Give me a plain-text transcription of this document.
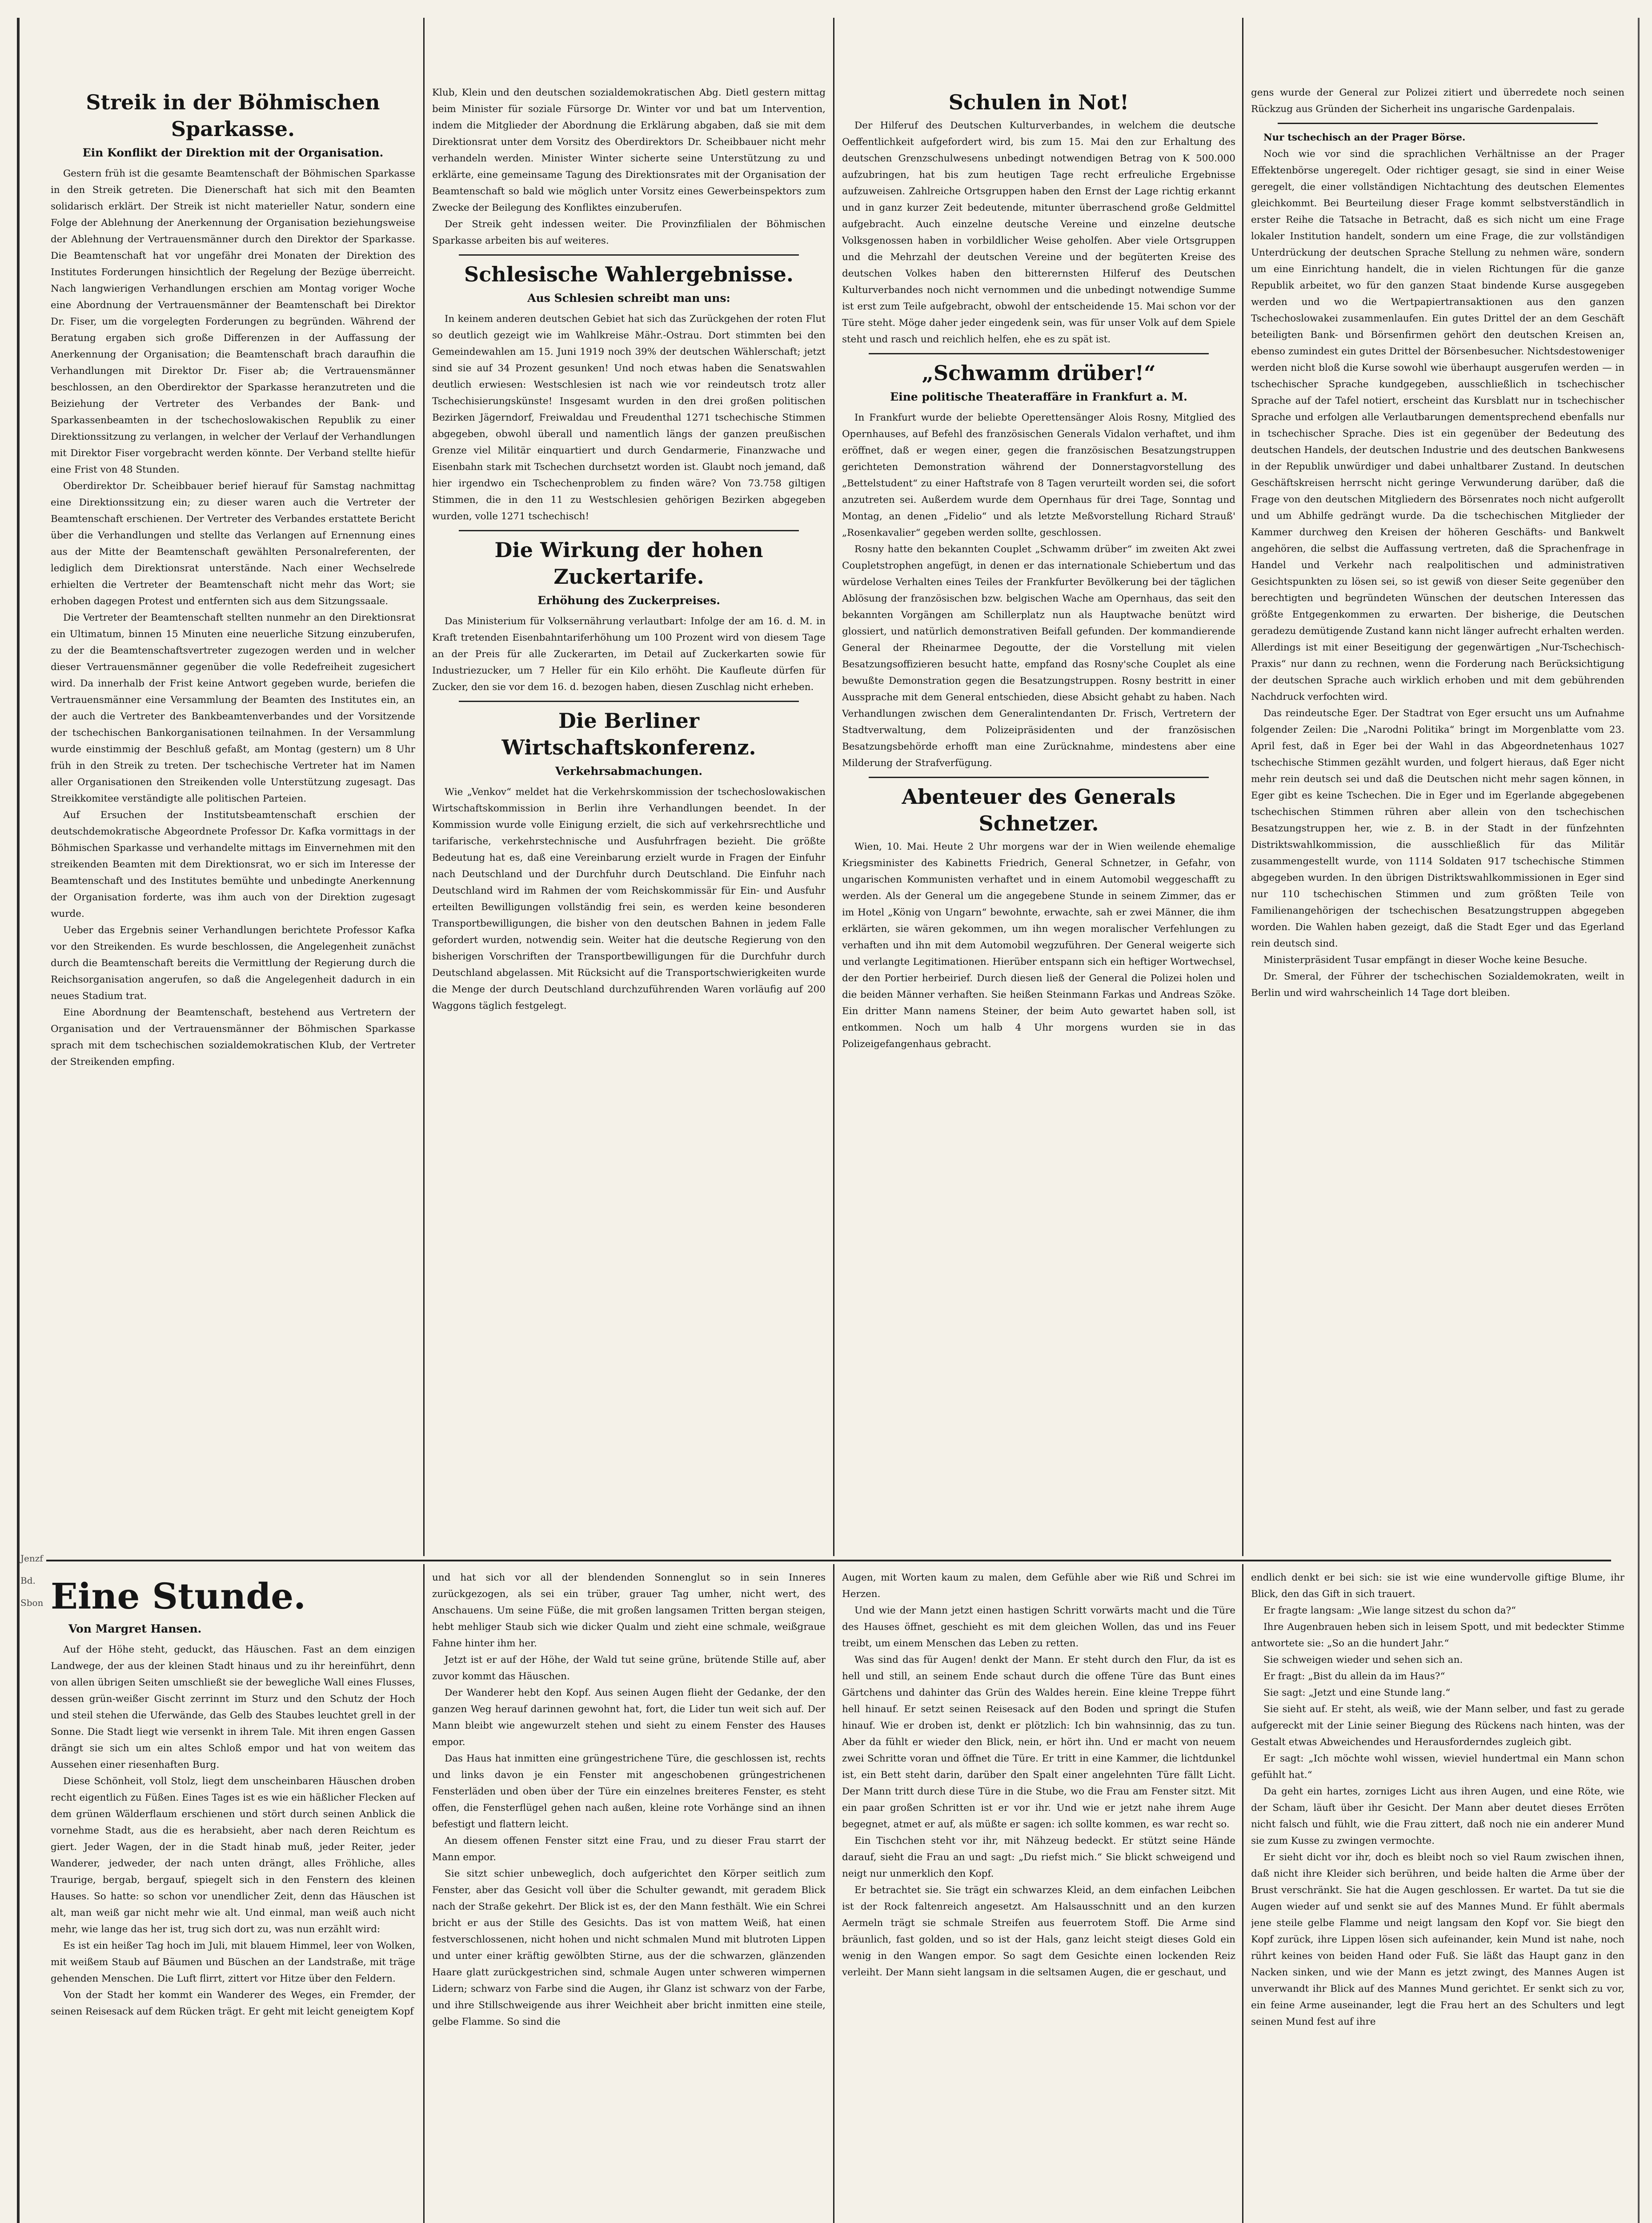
Streik in der Böhmischen Sparkasse.
Ein Konflikt der Direktion mit der Organisation.

Gestern früh ist die gesamte Beamtenschaft der Böhmischen Sparkasse in den Streik getreten. Die Dienerschaft hat sich mit den Beamten solidarisch erklärt. Der Streik ist nicht materieller Natur, sondern eine Folge der Ablehnung der Anerkennung der Organisation beziehungsweise der Ablehnung der Vertrauensmänner durch den Direktor der Sparkasse. Die Beamtenschaft hat vor ungefähr drei Monaten der Direktion des Institutes Forderungen hinsichtlich der Regelung der Bezüge überreicht. Nach langwierigen Verhandlungen erschien am Montag voriger Woche eine Abordnung der Vertrauensmänner der Beamtenschaft bei Direktor Dr. Fiser, um die vorgelegten Forderungen zu begründen. Während der Beratung ergaben sich große Differenzen in der Auffassung der Anerkennung der Organisation; die Beamtenschaft brach daraufhin die Verhandlungen mit Direktor Dr. Fiser ab; die Vertrauensmänner beschlossen, an den Oberdirektor der Sparkasse heranzutreten und die Beiziehung der Vertreter des Verbandes der Bank- und Sparkassenbeamten in der tschechoslowakischen Republik zu einer Direktionssitzung zu verlangen, in welcher der Verlauf der Verhandlungen mit Direktor Fiser vorgebracht werden könnte. Der Verband stellte hiefür eine Frist von 48 Stunden.

Oberdirektor Dr. Scheibbauer berief hierauf für Samstag nachmittag eine Direktionssitzung ein; zu dieser waren auch die Vertreter der Beamtenschaft erschienen. Der Vertreter des Verbandes erstattete Bericht über die Verhandlungen und stellte das Verlangen auf Ernennung eines aus der Mitte der Beamtenschaft gewählten Personalreferenten, der lediglich dem Direktionsrat unterstände. Nach einer Wechselrede erhielten die Vertreter der Beamtenschaft nicht mehr das Wort; sie erhoben dagegen Protest und entfernten sich aus dem Sitzungssaale.

Die Vertreter der Beamtenschaft stellten nunmehr an den Direktionsrat ein Ultimatum, binnen 15 Minuten eine neuerliche Sitzung einzuberufen, zu der die Beamtenschaftsvertreter zugezogen werden und in welcher dieser Vertrauensmänner gegenüber die volle Redefreiheit zugesichert wird. Da innerhalb der Frist keine Antwort gegeben wurde, beriefen die Vertrauensmänner eine Versammlung der Beamten des Institutes ein, an der auch die Vertreter des Bankbeamtenverbandes und der Vorsitzende der tschechischen Bankorganisationen teilnahmen. In der Versammlung wurde einstimmig der Beschluß gefaßt, am Montag (gestern) um 8 Uhr früh in den Streik zu treten. Der tschechische Vertreter hat im Namen aller Organisationen den Streikenden volle Unterstützung zugesagt. Das Streikkomitee verständigte alle politischen Parteien.

Auf Ersuchen der Institutsbeamtenschaft erschien der deutschdemokratische Abgeordnete Professor Dr. Kafka vormittags in der Böhmischen Sparkasse und verhandelte mittags im Einvernehmen mit den streikenden Beamten mit dem Direktionsrat, wo er sich im Interesse der Beamtenschaft und des Institutes bemühte und unbedingte Anerkennung der Organisation forderte, was ihm auch von der Direktion zugesagt wurde.

Ueber das Ergebnis seiner Verhandlungen berichtete Professor Kafka vor den Streikenden. Es wurde beschlossen, die Angelegenheit zunächst durch die Beamtenschaft bereits die Vermittlung der Regierung durch die Reichsorganisation angerufen, so daß die Angelegenheit dadurch in ein neues Stadium trat.

Eine Abordnung der Beamtenschaft, bestehend aus Vertretern der Organisation und der Vertrauensmänner der Böhmischen Sparkasse sprach mit dem tschechischen sozialdemokratischen Klub, der Vertreter der Streikenden empfing.

Klub, Klein und den deutschen sozialdemokratischen Abg. Dietl gestern mittag beim Minister für soziale Fürsorge Dr. Winter vor und bat um Intervention, indem die Mitglieder der Abordnung die Erklärung abgaben, daß sie mit dem Direktionsrat unter dem Vorsitz des Oberdirektors Dr. Scheibbauer nicht mehr verhandeln werden. Minister Winter sicherte seine Unterstützung zu und erklärte, eine gemeinsame Tagung des Direktionsrates mit der Organisation der Beamtenschaft so bald wie möglich unter Vorsitz eines Gewerbeinspektors zum Zwecke der Beilegung des Konfliktes einzuberufen.

Der Streik geht indessen weiter. Die Provinzfilialen der Böhmischen Sparkasse arbeiten bis auf weiteres.

Schlesische Wahlergebnisse.
Aus Schlesien schreibt man uns:

In keinem anderen deutschen Gebiet hat sich das Zurückgehen der roten Flut so deutlich gezeigt wie im Wahlkreise Mähr.-Ostrau. Dort stimmten bei den Gemeindewahlen am 15. Juni 1919 noch 39% der deutschen Wählerschaft; jetzt sind sie auf 34 Prozent gesunken! Und noch etwas haben die Senatswahlen deutlich erwiesen: Westschlesien ist nach wie vor reindeutsch trotz aller Tschechisierungskünste! Insgesamt wurden in den drei großen politischen Bezirken Jägerndorf, Freiwaldau und Freudenthal 1271 tschechische Stimmen abgegeben, obwohl überall und namentlich längs der ganzen preußischen Grenze viel Militär einquartiert und durch Gendarmerie, Finanzwache und Eisenbahn stark mit Tschechen durchsetzt worden ist. Glaubt noch jemand, daß hier irgendwo ein Tschechenproblem zu finden wäre? Von 73.758 giltigen Stimmen, die in den 11 zu Westschlesien gehörigen Bezirken abgegeben wurden, volle 1271 tschechisch!

Die Wirkung der hohen Zuckertarife.
Erhöhung des Zuckerpreises.

Das Ministerium für Volksernährung verlautbart: Infolge der am 16. d. M. in Kraft tretenden Eisenbahntariferhöhung um 100 Prozent wird von diesem Tage an der Preis für alle Zuckerarten, im Detail auf Zuckerkarten sowie für Industriezucker, um 7 Heller für ein Kilo erhöht. Die Kaufleute dürfen für Zucker, den sie vor dem 16. d. bezogen haben, diesen Zuschlag nicht erheben.

Die Berliner Wirtschaftskonferenz.
Verkehrsabmachungen.

Wie „Venkov“ meldet hat die Verkehrskommission der tschechoslowakischen Wirtschaftskommission in Berlin ihre Verhandlungen beendet. In der Kommission wurde volle Einigung erzielt, die sich auf verkehrsrechtliche und tarifarische, verkehrstechnische und Ausfuhrfragen bezieht. Die größte Bedeutung hat es, daß eine Vereinbarung erzielt wurde in Fragen der Einfuhr nach Deutschland und der Durchfuhr durch Deutschland. Die Einfuhr nach Deutschland wird im Rahmen der vom Reichskommissär für Ein- und Ausfuhr erteilten Bewilligungen vollständig frei sein, es werden keine besonderen Transportbewilligungen, die bisher von den deutschen Bahnen in jedem Falle gefordert wurden, notwendig sein. Weiter hat die deutsche Regierung von den bisherigen Vorschriften der Transportbewilligungen für die Durchfuhr durch Deutschland abgelassen. Mit Rücksicht auf die Transportschwierigkeiten wurde die Menge der durch Deutschland durchzuführenden Waren vorläufig auf 200 Waggons täglich festgelegt.

Schulen in Not!

Der Hilferuf des Deutschen Kulturverbandes, in welchem die deutsche Oeffentlichkeit aufgefordert wird, bis zum 15. Mai den zur Erhaltung des deutschen Grenzschulwesens unbedingt notwendigen Betrag von K 500.000 aufzubringen, hat bis zum heutigen Tage recht erfreuliche Ergebnisse aufzuweisen. Zahlreiche Ortsgruppen haben den Ernst der Lage richtig erkannt und in ganz kurzer Zeit bedeutende, mitunter überraschend große Geldmittel aufgebracht. Auch einzelne deutsche Vereine und einzelne deutsche Volksgenossen haben in vorbildlicher Weise geholfen. Aber viele Ortsgruppen und die Mehrzahl der deutschen Vereine und der begüterten Kreise des deutschen Volkes haben den bitterernsten Hilferuf des Deutschen Kulturverbandes noch nicht vernommen und die unbedingt notwendige Summe ist erst zum Teile aufgebracht, obwohl der entscheidende 15. Mai schon vor der Türe steht. Möge daher jeder eingedenk sein, was für unser Volk auf dem Spiele steht und rasch und reichlich helfen, ehe es zu spät ist.

„Schwamm drüber!“
Eine politische Theateraffäre in Frankfurt a. M.

In Frankfurt wurde der beliebte Operettensänger Alois Rosny, Mitglied des Opernhauses, auf Befehl des französischen Generals Vidalon verhaftet, und ihm eröffnet, daß er wegen einer, gegen die französischen Besatzungstruppen gerichteten Demonstration während der Donnerstagvorstellung des „Bettelstudent“ zu einer Haftstrafe von 8 Tagen verurteilt worden sei, die sofort anzutreten sei. Außerdem wurde dem Opernhaus für drei Tage, Sonntag und Montag, an denen „Fidelio“ und als letzte Meßvorstellung Richard Strauß' „Rosenkavalier“ gegeben werden sollte, geschlossen.

Rosny hatte den bekannten Couplet „Schwamm drüber“ im zweiten Akt zwei Coupletstrophen angefügt, in denen er das internationale Schiebertum und das würdelose Verhalten eines Teiles der Frankfurter Bevölkerung bei der täglichen Ablösung der französischen bzw. belgischen Wache am Opernhaus, das seit den bekannten Vorgängen am Schillerplatz nun als Hauptwache benützt wird glossiert, und natürlich demonstrativen Beifall gefunden. Der kommandierende General der Rheinarmee Degoutte, der die Vorstellung mit vielen Besatzungsoffizieren besucht hatte, empfand das Rosny'sche Couplet als eine bewußte Demonstration gegen die Besatzungstruppen. Rosny bestritt in einer Aussprache mit dem General entschieden, diese Absicht gehabt zu haben. Nach Verhandlungen zwischen dem Generalintendanten Dr. Frisch, Vertretern der Stadtverwaltung, dem Polizeipräsidenten und der französischen Besatzungsbehörde erhofft man eine Zurücknahme, mindestens aber eine Milderung der Strafverfügung.

Abenteuer des Generals Schnetzer.

Wien, 10. Mai. Heute 2 Uhr morgens war der in Wien weilende ehemalige Kriegsminister des Kabinetts Friedrich, General Schnetzer, in Gefahr, von ungarischen Kommunisten verhaftet und in einem Automobil weggeschafft zu werden. Als der General um die angegebene Stunde in seinem Zimmer, das er im Hotel „König von Ungarn“ bewohnte, erwachte, sah er zwei Männer, die ihm erklärten, sie wären gekommen, um ihn wegen moralischer Verfehlungen zu verhaften und ihn mit dem Automobil wegzuführen. Der General weigerte sich und verlangte Legitimationen. Hierüber entspann sich ein heftiger Wortwechsel, der den Portier herbeirief. Durch diesen ließ der General die Polizei holen und die beiden Männer verhaften. Sie heißen Steinmann Farkas und Andreas Szöke. Ein dritter Mann namens Steiner, der beim Auto gewartet haben soll, ist entkommen. Noch um halb 4 Uhr morgens wurden sie in das Polizeigefangenhaus gebracht.

gens wurde der General zur Polizei zitiert und überredete noch seinen Rückzug aus Gründen der Sicherheit ins ungarische Gardenpalais.

Nur tschechisch an der Prager Börse.

Noch wie vor sind die sprachlichen Verhältnisse an der Prager Effektenbörse ungeregelt. Oder richtiger gesagt, sie sind in einer Weise geregelt, die einer vollständigen Nichtachtung des deutschen Elementes gleichkommt. Bei Beurteilung dieser Frage kommt selbstverständlich in erster Reihe die Tatsache in Betracht, daß es sich nicht um eine Frage lokaler Institution handelt, sondern um eine Frage, die zur vollständigen Unterdrückung der deutschen Sprache Stellung zu nehmen wäre, sondern um eine Einrichtung handelt, die in vielen Richtungen für die ganze Republik arbeitet, wo für den ganzen Staat bindende Kurse ausgegeben werden und wo die Wertpapiertransaktionen aus den ganzen Tschechoslowakei zusammenlaufen. Ein gutes Drittel der an dem Geschäft beteiligten Bank- und Börsenfirmen gehört den deutschen Kreisen an, ebenso zumindest ein gutes Drittel der Börsenbesucher. Nichtsdestoweniger werden nicht bloß die Kurse sowohl wie überhaupt ausgerufen werden — in tschechischer Sprache kundgegeben, ausschließlich in tschechischer Sprache auf der Tafel notiert, erscheint das Kursblatt nur in tschechischer Sprache und erfolgen alle Verlautbarungen dementsprechend ebenfalls nur in tschechischer Sprache. Dies ist ein gegenüber der Bedeutung des deutschen Handels, der deutschen Industrie und des deutschen Bankwesens in der Republik unwürdiger und dabei unhaltbarer Zustand. In deutschen Geschäftskreisen herrscht nicht geringe Verwunderung darüber, daß die Frage von den deutschen Mitgliedern des Börsenrates noch nicht aufgerollt und um Abhilfe gedrängt wurde. Da die tschechischen Mitglieder der Kammer durchweg den Kreisen der höheren Geschäfts- und Bankwelt angehören, die selbst die Auffassung vertreten, daß die Sprachenfrage in Handel und Verkehr nach realpolitischen und administrativen Gesichtspunkten zu lösen sei, so ist gewiß von dieser Seite gegenüber den berechtigten und begründeten Wünschen der deutschen Interessen das größte Entgegenkommen zu erwarten. Der bisherige, die Deutschen geradezu demütigende Zustand kann nicht länger aufrecht erhalten werden. Allerdings ist mit einer Beseitigung der gegenwärtigen „Nur-Tschechisch-Praxis“ nur dann zu rechnen, wenn die Forderung nach Berücksichtigung der deutschen Sprache auch wirklich erhoben und mit dem gebührenden Nachdruck verfochten wird.

Das reindeutsche Eger. Der Stadtrat von Eger ersucht uns um Aufnahme folgender Zeilen: Die „Narodni Politika“ bringt im Morgenblatte vom 23. April fest, daß in Eger bei der Wahl in das Abgeordnetenhaus 1027 tschechische Stimmen gezählt wurden, und folgert hieraus, daß Eger nicht mehr rein deutsch sei und daß die Deutschen nicht mehr sagen können, in Eger gibt es keine Tschechen. Die in Eger und im Egerlande abgegebenen tschechischen Stimmen rühren aber allein von den tschechischen Besatzungstruppen her, wie z. B. in der Stadt in der fünfzehnten Distriktswahlkommission, die ausschließlich für das Militär zusammengestellt wurde, von 1114 Soldaten 917 tschechische Stimmen abgegeben wurden. In den übrigen Distriktswahlkommissionen in Eger sind nur 110 tschechischen Stimmen und zum größten Teile von Familienangehörigen der tschechischen Besatzungstruppen abgegeben worden. Die Wahlen haben gezeigt, daß die Stadt Eger und das Egerland rein deutsch sind.

Ministerpräsident Tusar empfängt in dieser Woche keine Besuche.

Dr. Smeral, der Führer der tschechischen Sozialdemokraten, weilt in Berlin und wird wahrscheinlich 14 Tage dort bleiben.

Jenzf
Bd.
Sbon Eine Stunde.
Von Margret Hansen.

Auf der Höhe steht, geduckt, das Häuschen. Fast an dem einzigen Landwege, der aus der kleinen Stadt hinaus und zu ihr hereinführt, denn von allen übrigen Seiten umschließt sie der bewegliche Wall eines Flusses, dessen grün-weißer Gischt zerrinnt im Sturz und den Schutz der Hoch und steil stehen die Uferwände, das Gelb des Staubes leuchtet grell in der Sonne. Die Stadt liegt wie versenkt in ihrem Tale. Mit ihren engen Gassen drängt sie sich um ein altes Schloß empor und hat von weitem das Aussehen einer riesenhaften Burg.

Diese Schönheit, voll Stolz, liegt dem unscheinbaren Häuschen droben recht eigentlich zu Füßen. Eines Tages ist es wie ein häßlicher Flecken auf dem grünen Wälderflaum erschienen und stört durch seinen Anblick die vornehme Stadt, aus die es herabsieht, aber nach deren Reichtum es giert. Jeder Wagen, der in die Stadt hinab muß, jeder Reiter, jeder Wanderer, jedweder, der nach unten drängt, alles Fröhliche, alles Traurige, bergab, bergauf, spiegelt sich in den Fenstern des kleinen Hauses. So hatte: so schon vor unendlicher Zeit, denn das Häuschen ist alt, man weiß gar nicht mehr wie alt. Und einmal, man weiß auch nicht mehr, wie lange das her ist, trug sich dort zu, was nun erzählt wird:

Es ist ein heißer Tag hoch im Juli, mit blauem Himmel, leer von Wolken, mit weißem Staub auf Bäumen und Büschen an der Landstraße, mit träge gehenden Menschen. Die Luft flirrt, zittert vor Hitze über den Feldern.

Von der Stadt her kommt ein Wanderer des Weges, ein Fremder, der seinen Reisesack auf dem Rücken trägt. Er geht mit leicht geneigtem Kopf

und hat sich vor all der blendenden Sonnenglut so in sein Inneres zurückgezogen, als sei ein trüber, grauer Tag umher, nicht wert, des Anschauens. Um seine Füße, die mit großen langsamen Tritten bergan steigen, hebt mehliger Staub sich wie dicker Qualm und zieht eine schmale, weißgraue Fahne hinter ihm her.

Jetzt ist er auf der Höhe, der Wald tut seine grüne, brütende Stille auf, aber zuvor kommt das Häuschen.

Der Wanderer hebt den Kopf. Aus seinen Augen flieht der Gedanke, der den ganzen Weg herauf darinnen gewohnt hat, fort, die Lider tun weit sich auf. Der Mann bleibt wie angewurzelt stehen und sieht zu einem Fenster des Hauses empor.

Das Haus hat inmitten eine grüngestrichene Türe, die geschlossen ist, rechts und links davon je ein Fenster mit angeschobenen grüngestrichenen Fensterläden und oben über der Türe ein einzelnes breiteres Fenster, es steht offen, die Fensterflügel gehen nach außen, kleine rote Vorhänge sind an ihnen befestigt und flattern leicht.

An diesem offenen Fenster sitzt eine Frau, und zu dieser Frau starrt der Mann empor.

Sie sitzt schier unbeweglich, doch aufgerichtet den Körper seitlich zum Fenster, aber das Gesicht voll über die Schulter gewandt, mit geradem Blick nach der Straße gekehrt. Der Blick ist es, der den Mann festhält. Wie ein Schrei bricht er aus der Stille des Gesichts. Das ist von mattem Weiß, hat einen festverschlossenen, nicht hohen und nicht schmalen Mund mit blutroten Lippen und unter einer kräftig gewölbten Stirne, aus der die schwarzen, glänzenden Haare glatt zurückgestrichen sind, schmale Augen unter schweren wimpernen Lidern; schwarz von Farbe sind die Augen, ihr Glanz ist schwarz von der Farbe, und ihre Stillschweigende aus ihrer Weichheit aber bricht inmitten eine steile, gelbe Flamme. So sind die

Augen, mit Worten kaum zu malen, dem Gefühle aber wie Riß und Schrei im Herzen.

Und wie der Mann jetzt einen hastigen Schritt vorwärts macht und die Türe des Hauses öffnet, geschieht es mit dem gleichen Wollen, das und ins Feuer treibt, um einem Menschen das Leben zu retten.

Was sind das für Augen! denkt der Mann. Er steht durch den Flur, da ist es hell und still, an seinem Ende schaut durch die offene Türe das Bunt eines Gärtchens und dahinter das Grün des Waldes herein. Eine kleine Treppe führt hell hinauf. Er setzt seinen Reisesack auf den Boden und springt die Stufen hinauf. Wie er droben ist, denkt er plötzlich: Ich bin wahnsinnig, das zu tun. Aber da fühlt er wieder den Blick, nein, er hört ihn. Und er macht von neuem zwei Schritte voran und öffnet die Türe. Er tritt in eine Kammer, die lichtdunkel ist, ein Bett steht darin, darüber den Spalt einer angelehnten Türe fällt Licht. Der Mann tritt durch diese Türe in die Stube, wo die Frau am Fenster sitzt. Mit ein paar großen Schritten ist er vor ihr. Und wie er jetzt nahe ihrem Auge begegnet, atmet er auf, als müßte er sagen: ich sollte kommen, es war recht so.

Ein Tischchen steht vor ihr, mit Nähzeug bedeckt. Er stützt seine Hände darauf, sieht die Frau an und sagt: „Du riefst mich.“ Sie blickt schweigend und neigt nur unmerklich den Kopf.

Er betrachtet sie. Sie trägt ein schwarzes Kleid, an dem einfachen Leibchen ist der Rock faltenreich angesetzt. Am Halsausschnitt und an den kurzen Aermeln trägt sie schmale Streifen aus feuerrotem Stoff. Die Arme sind bräunlich, fast golden, und so ist der Hals, ganz leicht steigt dieses Gold ein wenig in den Wangen empor. So sagt dem Gesichte einen lockenden Reiz verleiht. Der Mann sieht langsam in die seltsamen Augen, die er geschaut, und

endlich denkt er bei sich: sie ist wie eine wundervolle giftige Blume, ihr Blick, den das Gift in sich trauert.

Er fragte langsam: „Wie lange sitzest du schon da?“

Ihre Augenbrauen heben sich in leisem Spott, und mit bedeckter Stimme antwortete sie: „So an die hundert Jahr.“

Sie schweigen wieder und sehen sich an.

Er fragt: „Bist du allein da im Haus?“

Sie sagt: „Jetzt und eine Stunde lang.“

Sie sieht auf. Er steht, als weiß, wie der Mann selber, und fast zu gerade aufgereckt mit der Linie seiner Biegung des Rückens nach hinten, was der Gestalt etwas Abweichendes und Herausforderndes zugleich gibt.

Er sagt: „Ich möchte wohl wissen, wieviel hundertmal ein Mann schon gefühlt hat.“

Da geht ein hartes, zorniges Licht aus ihren Augen, und eine Röte, wie der Scham, läuft über ihr Gesicht. Der Mann aber deutet dieses Erröten nicht falsch und fühlt, wie die Frau zittert, daß noch nie ein anderer Mund sie zum Kusse zu zwingen vermochte.

Er sieht dicht vor ihr, doch es bleibt noch so viel Raum zwischen ihnen, daß nicht ihre Kleider sich berühren, und beide halten die Arme über der Brust verschränkt. Sie hat die Augen geschlossen. Er wartet. Da tut sie die Augen wieder auf und senkt sie auf des Mannes Mund. Er fühlt abermals jene steile gelbe Flamme und neigt langsam den Kopf vor. Sie biegt den Kopf zurück, ihre Lippen lösen sich aufeinander, kein Mund ist nahe, noch rührt keines von beiden Hand oder Fuß. Sie läßt das Haupt ganz in den Nacken sinken, und wie der Mann es jetzt zwingt, des Mannes Augen ist unverwandt ihr Blick auf des Mannes Mund gerichtet. Er senkt sich zu vor, ein feine Arme auseinander, legt die Frau hert an des Schulters und legt seinen Mund fest auf ihre
